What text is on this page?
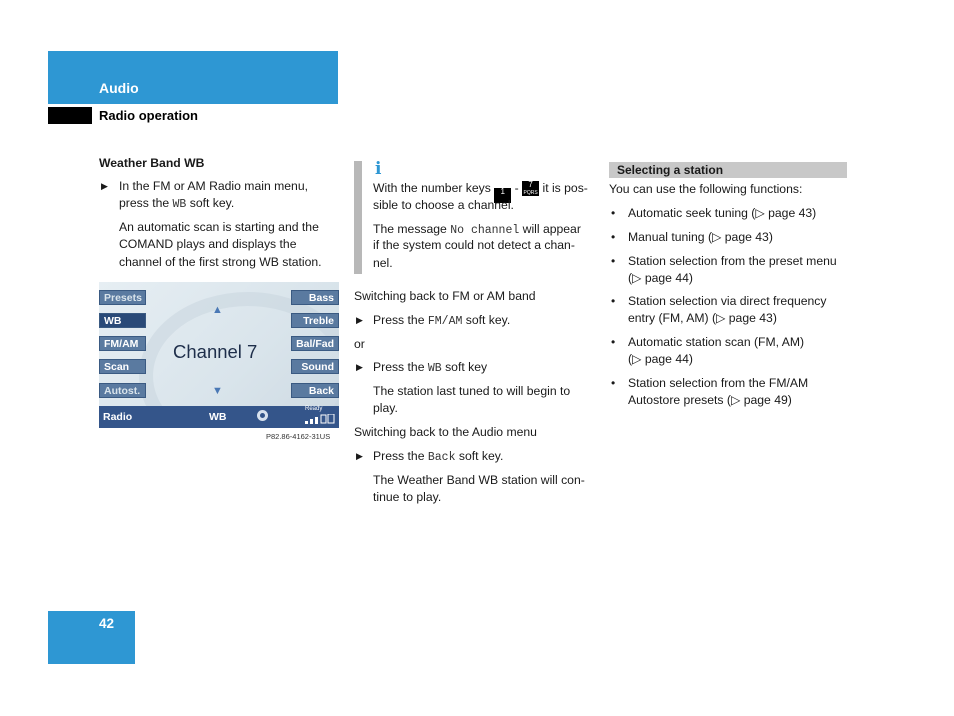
Audio
Radio operation
Weather Band WB
▶ In the FM or AM Radio main menu,
press the WB soft key.
An automatic scan is starting and the
COMAND plays and displays the
channel of the first strong WB station.
Presets
WB
FM/AM
Scan
Autost.
Bass
Treble
Bal/Fad
Sound
Back
▲
Channel 7
▼
Radio	WB
Ready
P82.86-4162-31US
i
With the number keys 1 - 7
PQRS it is pos-
sible to choose a channel.
The message No channel will appear
if the system could not detect a chan-
nel.
Switching back to FM or AM band
▶ Press the FM/AM soft key.
or
▶ Press the WB soft key
The station last tuned to will begin to
play.
Switching back to the Audio menu
▶ Press the Back soft key.
The Weather Band WB station will con-
tinue to play.
Selecting a station
You can use the following functions:
• Automatic seek tuning (▷ page 43)
• Manual tuning (▷ page 43)
• Station selection from the preset menu
(▷ page 44)
• Station selection via direct frequency
entry (FM, AM) (▷ page 43)
• Automatic station scan (FM, AM)
(▷ page 44)
• Station selection from the FM/AM
Autostore presets (▷ page 49)
42
